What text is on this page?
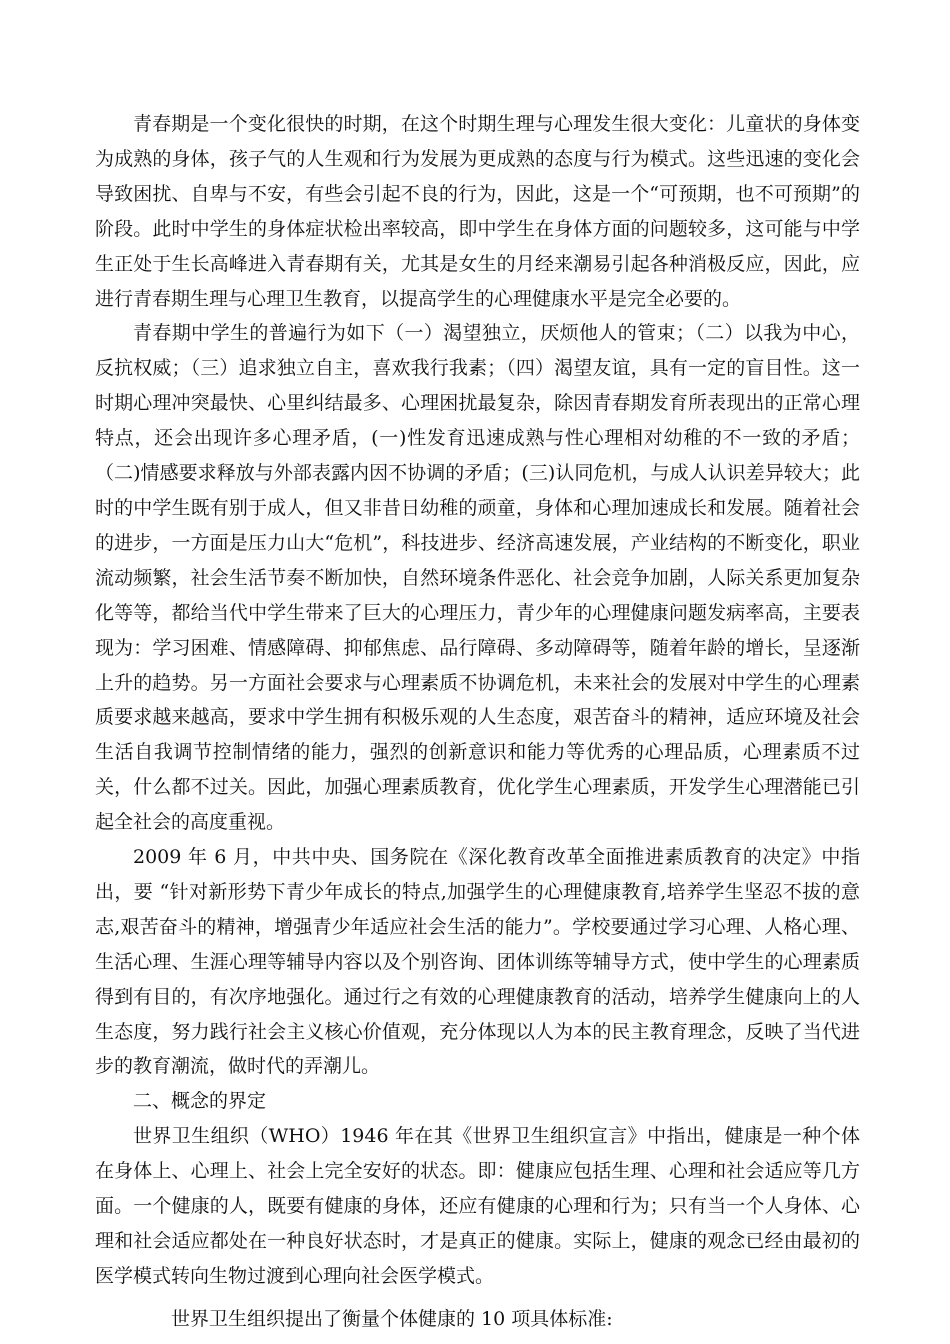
青春期是一个变化很快的时期，在这个时期生理与心理发生很大变化：儿童状的身体变为成熟的身体，孩子气的人生观和行为发展为更成熟的态度与行为模式。这些迅速的变化会导致困扰、自卑与不安，有些会引起不良的行为，因此，这是一个“可预期，也不可预期”的阶段。此时中学生的身体症状检出率较高，即中学生在身体方面的问题较多，这可能与中学生正处于生长高峰进入青春期有关，尤其是女生的月经来潮易引起各种消极反应，因此，应进行青春期生理与心理卫生教育，以提高学生的心理健康水平是完全必要的。

青春期中学生的普遍行为如下（一）渴望独立，厌烦他人的管束；（二）以我为中心，反抗权威；（三）追求独立自主，喜欢我行我素；（四）渴望友谊，具有一定的盲目性。这一时期心理冲突最快、心里纠结最多、心理困扰最复杂，除因青春期发育所表现出的正常心理特点，还会出现许多心理矛盾，(一)性发育迅速成熟与性心理相对幼稚的不一致的矛盾；（二)情感要求释放与外部表露内因不协调的矛盾；(三)认同危机，与成人认识差异较大；此时的中学生既有别于成人，但又非昔日幼稚的顽童，身体和心理加速成长和发展。随着社会的进步，一方面是压力山大“危机”，科技进步、经济高速发展，产业结构的不断变化，职业流动频繁，社会生活节奏不断加快，自然环境条件恶化、社会竞争加剧，人际关系更加复杂化等等，都给当代中学生带来了巨大的心理压力，青少年的心理健康问题发病率高，主要表现为：学习困难、情感障碍、抑郁焦虑、品行障碍、多动障碍等，随着年龄的增长，呈逐渐上升的趋势。另一方面社会要求与心理素质不协调危机，未来社会的发展对中学生的心理素质要求越来越高，要求中学生拥有积极乐观的人生态度，艰苦奋斗的精神，适应环境及社会生活自我调节控制情绪的能力，强烈的创新意识和能力等优秀的心理品质，心理素质不过关，什么都不过关。因此，加强心理素质教育，优化学生心理素质，开发学生心理潜能已引起全社会的高度重视。

2009 年 6 月，中共中央、国务院在《深化教育改革全面推进素质教育的决定》中指出，要 “针对新形势下青少年成长的特点,加强学生的心理健康教育,培养学生坚忍不拔的意志,艰苦奋斗的精神，增强青少年适应社会生活的能力”。学校要通过学习心理、人格心理、生活心理、生涯心理等辅导内容以及个别咨询、团体训练等辅导方式，使中学生的心理素质得到有目的，有次序地强化。通过行之有效的心理健康教育的活动，培养学生健康向上的人生态度，努力践行社会主义核心价值观，充分体现以人为本的民主教育理念，反映了当代进步的教育潮流，做时代的弄潮儿。

二、概念的界定

世界卫生组织（WHO）1946 年在其《世界卫生组织宣言》中指出，健康是一种个体在身体上、心理上、社会上完全安好的状态。即：健康应包括生理、心理和社会适应等几方面。一个健康的人，既要有健康的身体，还应有健康的心理和行为；只有当一个人身体、心理和社会适应都处在一种良好状态时，才是真正的健康。实际上，健康的观念已经由最初的医学模式转向生物过渡到心理向社会医学模式。

世界卫生组织提出了衡量个体健康的 10 项具体标准:
